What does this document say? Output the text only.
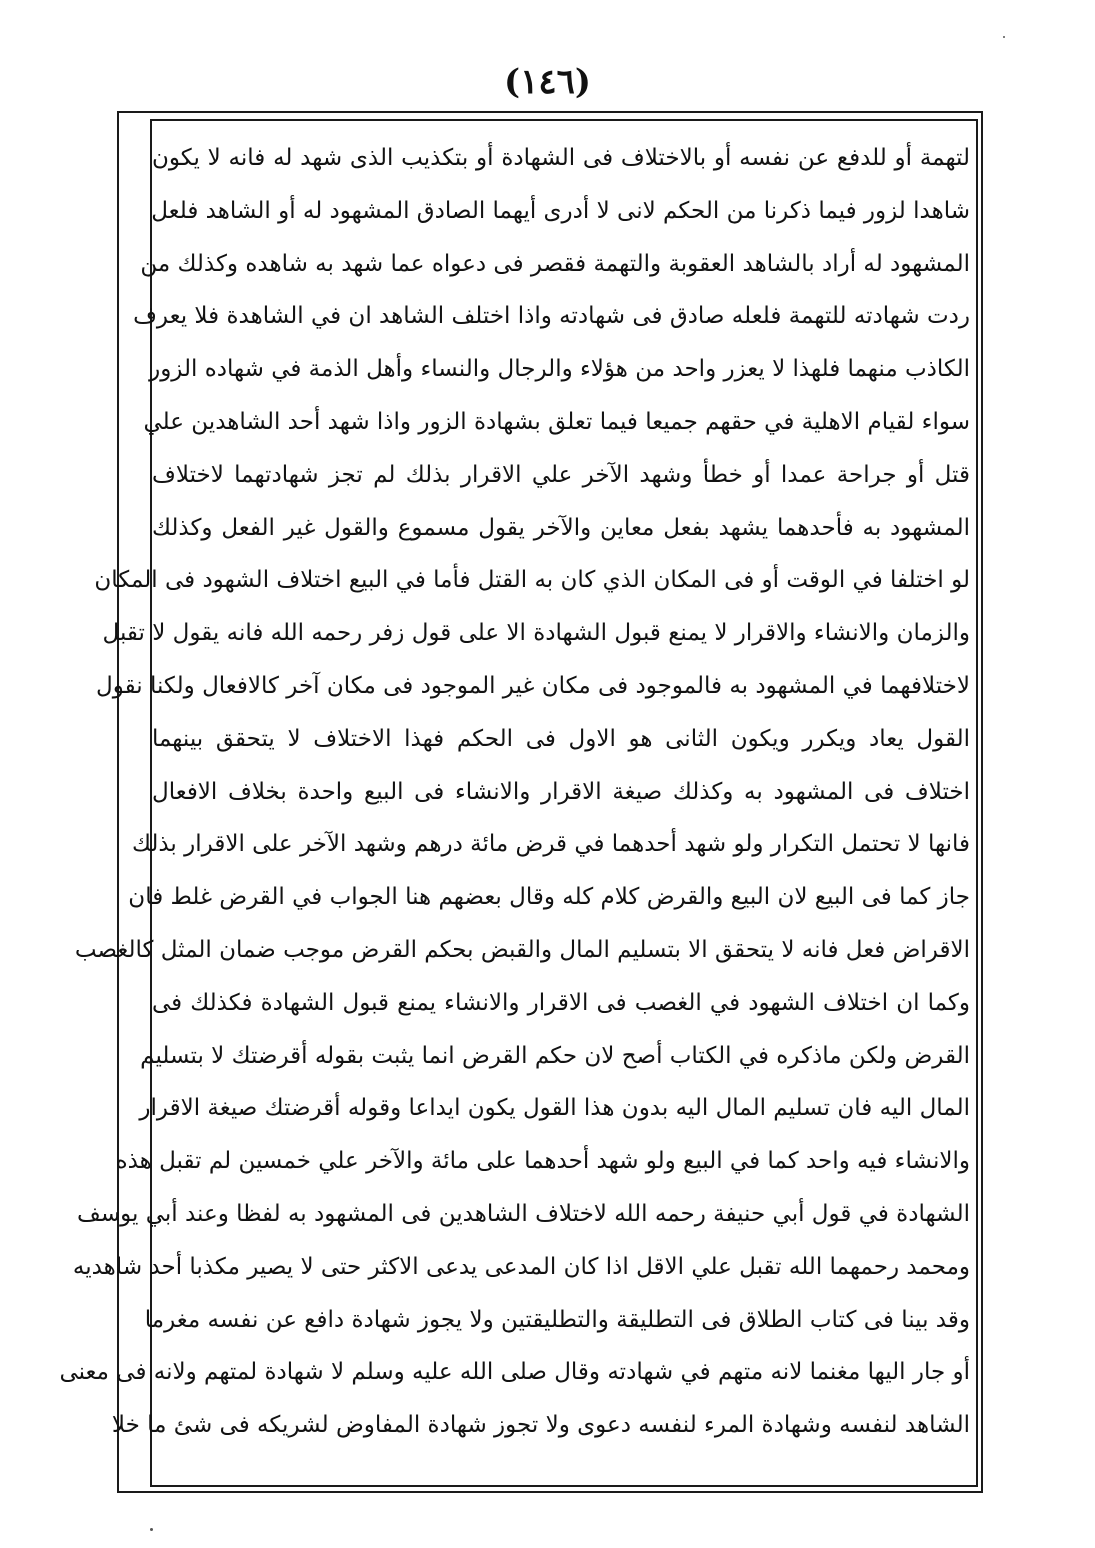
(١٤٦)
لتهمة أو للدفع عن نفسه أو بالاختلاف فى الشهادة أو بتكذيب الذى شهد له فانه لا يكون
شاهدا لزور فيما ذكرنا من الحكم لانى لا أدرى أيهما الصادق المشهود له أو الشاهد فلعل
المشهود له أراد بالشاهد العقوبة والتهمة فقصر فى دعواه عما شهد به شاهده وكذلك من
ردت شهادته للتهمة فلعله صادق فى شهادته واذا اختلف الشاهد ان في الشاهدة فلا يعرف
الكاذب منهما فلهذا لا يعزر واحد من هؤلاء والرجال والنساء وأهل الذمة في شهاده الزور
سواء لقيام الاهلية في حقهم جميعا فيما تعلق بشهادة الزور واذا شهد أحد الشاهدين علي
قتل أو جراحة عمدا أو خطأ وشهد الآخر علي الاقرار بذلك لم تجز شهادتهما لاختلاف
المشهود به فأحدهما يشهد بفعل معاين والآخر يقول مسموع والقول غير الفعل وكذلك
لو اختلفا في الوقت أو فى المكان الذي كان به القتل فأما في البيع اختلاف الشهود فى المكان
والزمان والانشاء والاقرار لا يمنع قبول الشهادة الا على قول زفر رحمه الله فانه يقول لا تقبل
لاختلافهما في المشهود به فالموجود فى مكان غير الموجود فى مكان آخر كالافعال ولكنا نقول
القول يعاد ويكرر ويكون الثانى هو الاول فى الحكم فهذا الاختلاف لا يتحقق بينهما
اختلاف فى المشهود به وكذلك صيغة الاقرار والانشاء فى البيع واحدة بخلاف الافعال
فانها لا تحتمل التكرار ولو شهد أحدهما في قرض مائة درهم وشهد الآخر على الاقرار بذلك
جاز كما فى البيع لان البيع والقرض كلام كله وقال بعضهم هنا الجواب في القرض غلط فان
الاقراض فعل فانه لا يتحقق الا بتسليم المال والقبض بحكم القرض موجب ضمان المثل كالغصب
وكما ان اختلاف الشهود في الغصب فى الاقرار والانشاء يمنع قبول الشهادة فكذلك فى
القرض ولكن ماذكره في الكتاب أصح لان حكم القرض انما يثبت بقوله أقرضتك لا بتسليم
المال اليه فان تسليم المال اليه بدون هذا القول يكون ايداعا وقوله أقرضتك صيغة الاقرار
والانشاء فيه واحد كما في البيع ولو شهد أحدهما على مائة والآخر علي خمسين لم تقبل هذه
الشهادة في قول أبي حنيفة رحمه الله لاختلاف الشاهدين فى المشهود به لفظا وعند أبي يوسف
ومحمد رحمهما الله تقبل علي الاقل اذا كان المدعى يدعى الاكثر حتى لا يصير مكذبا أحد شاهديه
وقد بينا فى كتاب الطلاق فى التطليقة والتطليقتين ولا يجوز شهادة دافع عن نفسه مغرما
أو جار اليها مغنما لانه متهم في شهادته وقال صلى الله عليه وسلم لا شهادة لمتهم ولانه فى معنى
الشاهد لنفسه وشهادة المرء لنفسه دعوى ولا تجوز شهادة المفاوض لشريكه فى شئ ما خلا
